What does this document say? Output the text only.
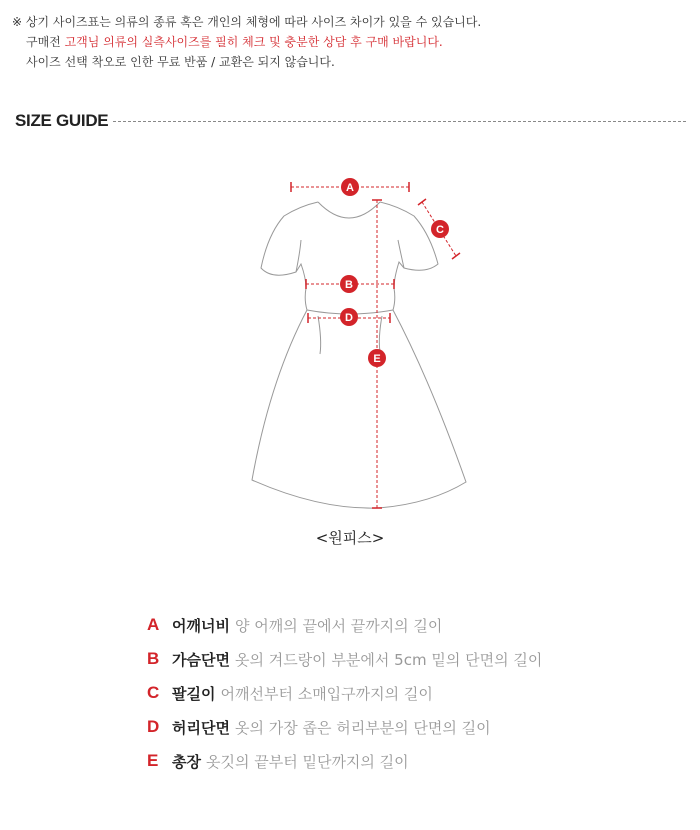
※ 상기 사이즈표는 의류의 종류 혹은 개인의 체형에 따라 사이즈 차이가 있을 수 있습니다.
구매전 고객님 의류의 실측사이즈를 필히 체크 및 충분한 상담 후 구매 바랍니다.
사이즈 선택 착오로 인한 무료 반품 / 교환은 되지 않습니다.
SIZE GUIDE
A
B
C
D
E
<원피스>
A 어깨너비 양 어깨의 끝에서 끝까지의 길이
B 가슴단면 옷의 겨드랑이 부분에서 5cm 밑의 단면의 길이
C 팔길이 어깨선부터 소매입구까지의 길이
D 허리단면 옷의 가장 좁은 허리부분의 단면의 길이
E 총장 옷깃의 끝부터 밑단까지의 길이
